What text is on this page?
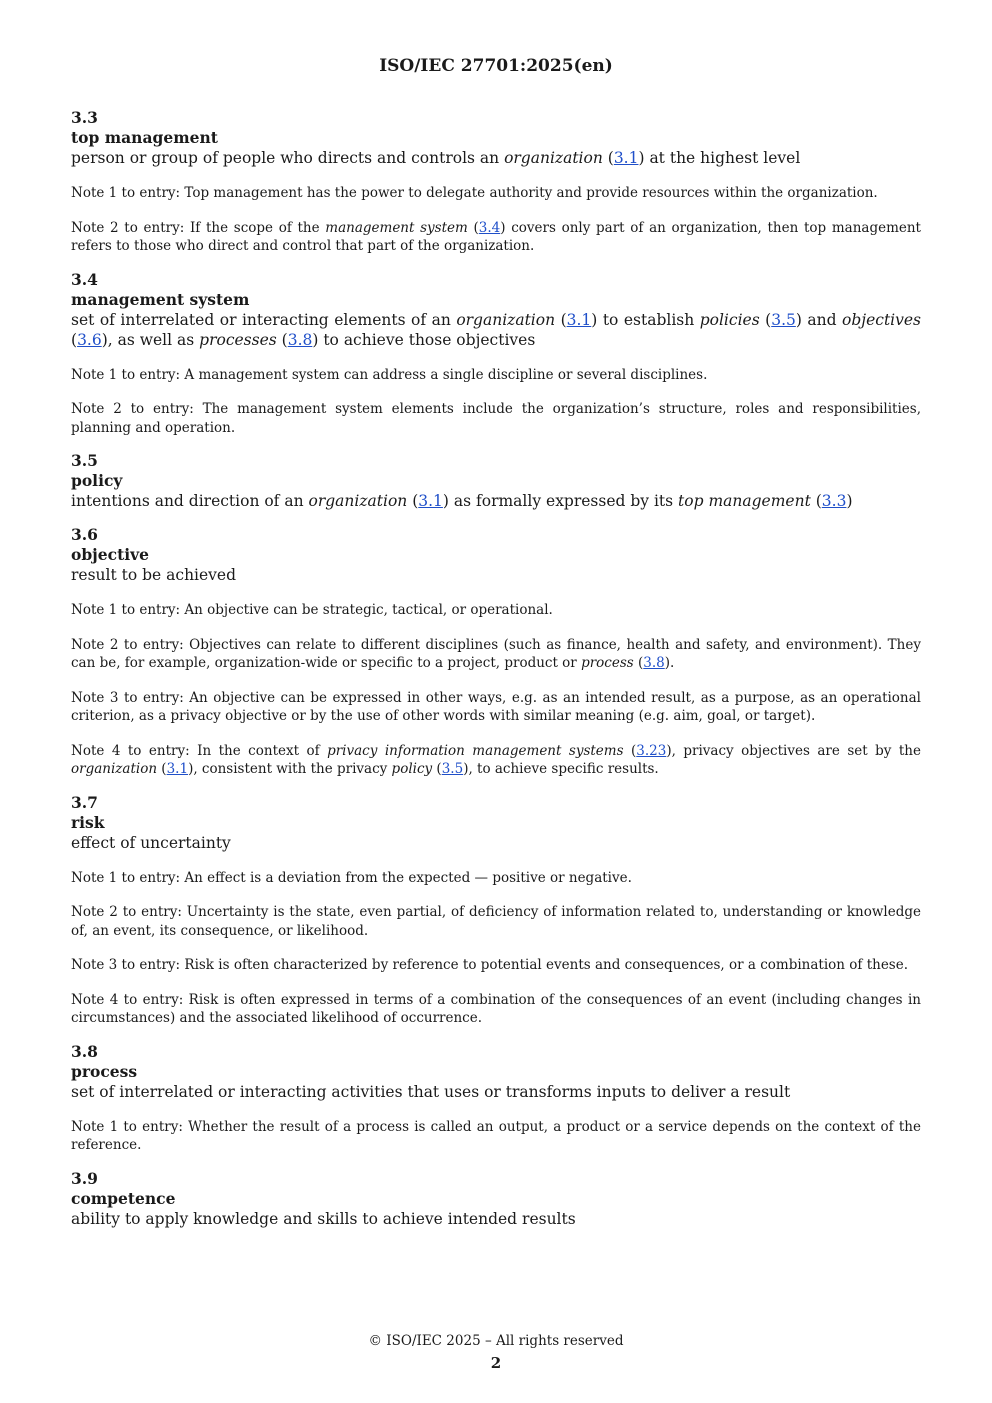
ISO/IEC 27701:2025(en)
3.3
top management
person or group of people who directs and controls an organization (3.1) at the highest level
Note 1 to entry: Top management has the power to delegate authority and provide resources within the organization.
Note 2 to entry: If the scope of the management system (3.4) covers only part of an organization, then top management refers to those who direct and control that part of the organization.
3.4
management system
set of interrelated or interacting elements of an organization (3.1) to establish policies (3.5) and objectives (3.6), as well as processes (3.8) to achieve those objectives
Note 1 to entry: A management system can address a single discipline or several disciplines.
Note 2 to entry: The management system elements include the organization’s structure, roles and responsibilities, planning and operation.
3.5
policy
intentions and direction of an organization (3.1) as formally expressed by its top management (3.3)
3.6
objective
result to be achieved
Note 1 to entry: An objective can be strategic, tactical, or operational.
Note 2 to entry: Objectives can relate to different disciplines (such as finance, health and safety, and environment). They can be, for example, organization-wide or specific to a project, product or process (3.8).
Note 3 to entry: An objective can be expressed in other ways, e.g. as an intended result, as a purpose, as an operational criterion, as a privacy objective or by the use of other words with similar meaning (e.g. aim, goal, or target).
Note 4 to entry: In the context of privacy information management systems (3.23), privacy objectives are set by the organization (3.1), consistent with the privacy policy (3.5), to achieve specific results.
3.7
risk
effect of uncertainty
Note 1 to entry: An effect is a deviation from the expected — positive or negative.
Note 2 to entry: Uncertainty is the state, even partial, of deficiency of information related to, understanding or knowledge of, an event, its consequence, or likelihood.
Note 3 to entry: Risk is often characterized by reference to potential events and consequences, or a combination of these.
Note 4 to entry: Risk is often expressed in terms of a combination of the consequences of an event (including changes in circumstances) and the associated likelihood of occurrence.
3.8
process
set of interrelated or interacting activities that uses or transforms inputs to deliver a result
Note 1 to entry: Whether the result of a process is called an output, a product or a service depends on the context of the reference.
3.9
competence
ability to apply knowledge and skills to achieve intended results
© ISO/IEC 2025 – All rights reserved
2
